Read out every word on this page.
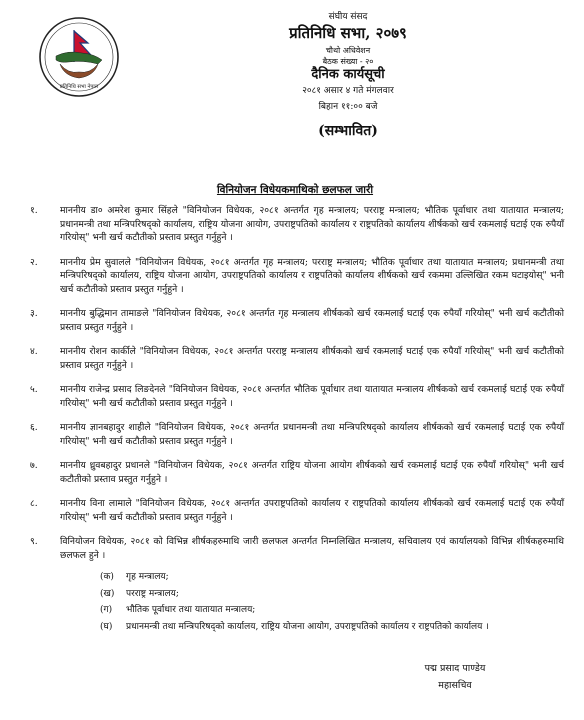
प्रतिनिधि सभा नेपाल
संघीय संसद
प्रतिनिधि सभा, २०७९
चौथो अधिवेशन
बैठक संख्या - २०
दैनिक कार्यसूची
२०८१ असार ४ गते मंगलवार
बिहान ११:०० बजे
(सम्भावित)
विनियोजन विधेयकमाथिको छलफल जारी
१.	माननीय डा० अमरेश कुमार सिंहले "विनियोजन विधेयक, २०८१ अन्तर्गत गृह मन्त्रालय; परराष्ट्र मन्त्रालय; भौतिक पूर्वाधार तथा यातायात मन्त्रालय; प्रधानमन्त्री तथा मन्त्रिपरिषद्को कार्यालय, राष्ट्रिय योजना आयोग, उपराष्ट्रपतिको कार्यालय र राष्ट्रपतिको कार्यालय शीर्षकको खर्च रकमलाई घटाई एक रुपैयाँ गरियोस्" भनी खर्च कटौतीको प्रस्ताव प्रस्तुत गर्नुहुने ।
२.	माननीय प्रेम सुवालले "विनियोजन विधेयक, २०८१ अन्तर्गत गृह मन्त्रालय; परराष्ट्र मन्त्रालय; भौतिक पूर्वाधार तथा यातायात मन्त्रालय; प्रधानमन्त्री तथा मन्त्रिपरिषद्को कार्यालय, राष्ट्रिय योजना आयोग, उपराष्ट्रपतिको कार्यालय र राष्ट्रपतिको कार्यालय शीर्षकको खर्च रकममा उल्लिखित रकम घटाइयोस्" भनी खर्च कटौतीको प्रस्ताव प्रस्तुत गर्नुहुने ।
३.	माननीय बुद्धिमान तामाङले "विनियोजन विधेयक, २०८१ अन्तर्गत गृह मन्त्रालय शीर्षकको खर्च रकमलाई घटाई एक रुपैयाँ गरियोस्" भनी खर्च कटौतीको प्रस्ताव प्रस्तुत गर्नुहुने ।
४.	माननीय रोशन कार्कीले "विनियोजन विधेयक, २०८१ अन्तर्गत परराष्ट्र मन्त्रालय शीर्षकको खर्च रकमलाई घटाई एक रुपैयाँ गरियोस्" भनी खर्च कटौतीको प्रस्ताव प्रस्तुत गर्नुहुने ।
५.	माननीय राजेन्द्र प्रसाद लिङदेनले "विनियोजन विधेयक, २०८१ अन्तर्गत भौतिक पूर्वाधार तथा यातायात मन्त्रालय शीर्षकको खर्च रकमलाई घटाई एक रुपैयाँ गरियोस्" भनी खर्च कटौतीको प्रस्ताव प्रस्तुत गर्नुहुने ।
६.	माननीय ज्ञानबहादुर शाहीले "विनियोजन विधेयक, २०८१ अन्तर्गत प्रधानमन्त्री तथा मन्त्रिपरिषद्को कार्यालय शीर्षकको खर्च रकमलाई घटाई एक रुपैयाँ गरियोस्" भनी खर्च कटौतीको प्रस्ताव प्रस्तुत गर्नुहुने ।
७.	माननीय ध्रुवबहादुर प्रधानले "विनियोजन विधेयक, २०८१ अन्तर्गत राष्ट्रिय योजना आयोग शीर्षकको खर्च रकमलाई घटाई एक रुपैयाँ गरियोस्" भनी खर्च कटौतीको प्रस्ताव प्रस्तुत गर्नुहुने ।
८.	माननीय विना लामाले "विनियोजन विधेयक, २०८१ अन्तर्गत उपराष्ट्रपतिको कार्यालय र राष्ट्रपतिको कार्यालय शीर्षकको खर्च रकमलाई घटाई एक रुपैयाँ गरियोस्" भनी खर्च कटौतीको प्रस्ताव प्रस्तुत गर्नुहुने ।
९.	विनियोजन विधेयक, २०८१ को विभिन्न शीर्षकहरुमाथि जारी छलफल अन्तर्गत निम्नलिखित मन्त्रालय, सचिवालय एवं कार्यालयको विभिन्न शीर्षकहरुमाथि छलफल हुने ।
(क)	गृह मन्त्रालय;
(ख)	परराष्ट्र मन्त्रालय;
(ग)	भौतिक पूर्वाधार तथा यातायात मन्त्रालय;
(घ)	प्रधानमन्त्री तथा मन्त्रिपरिषद्को कार्यालय, राष्ट्रिय योजना आयोग, उपराष्ट्रपतिको कार्यालय र राष्ट्रपतिको कार्यालय ।
पद्म प्रसाद पाण्डेय
महासचिव
